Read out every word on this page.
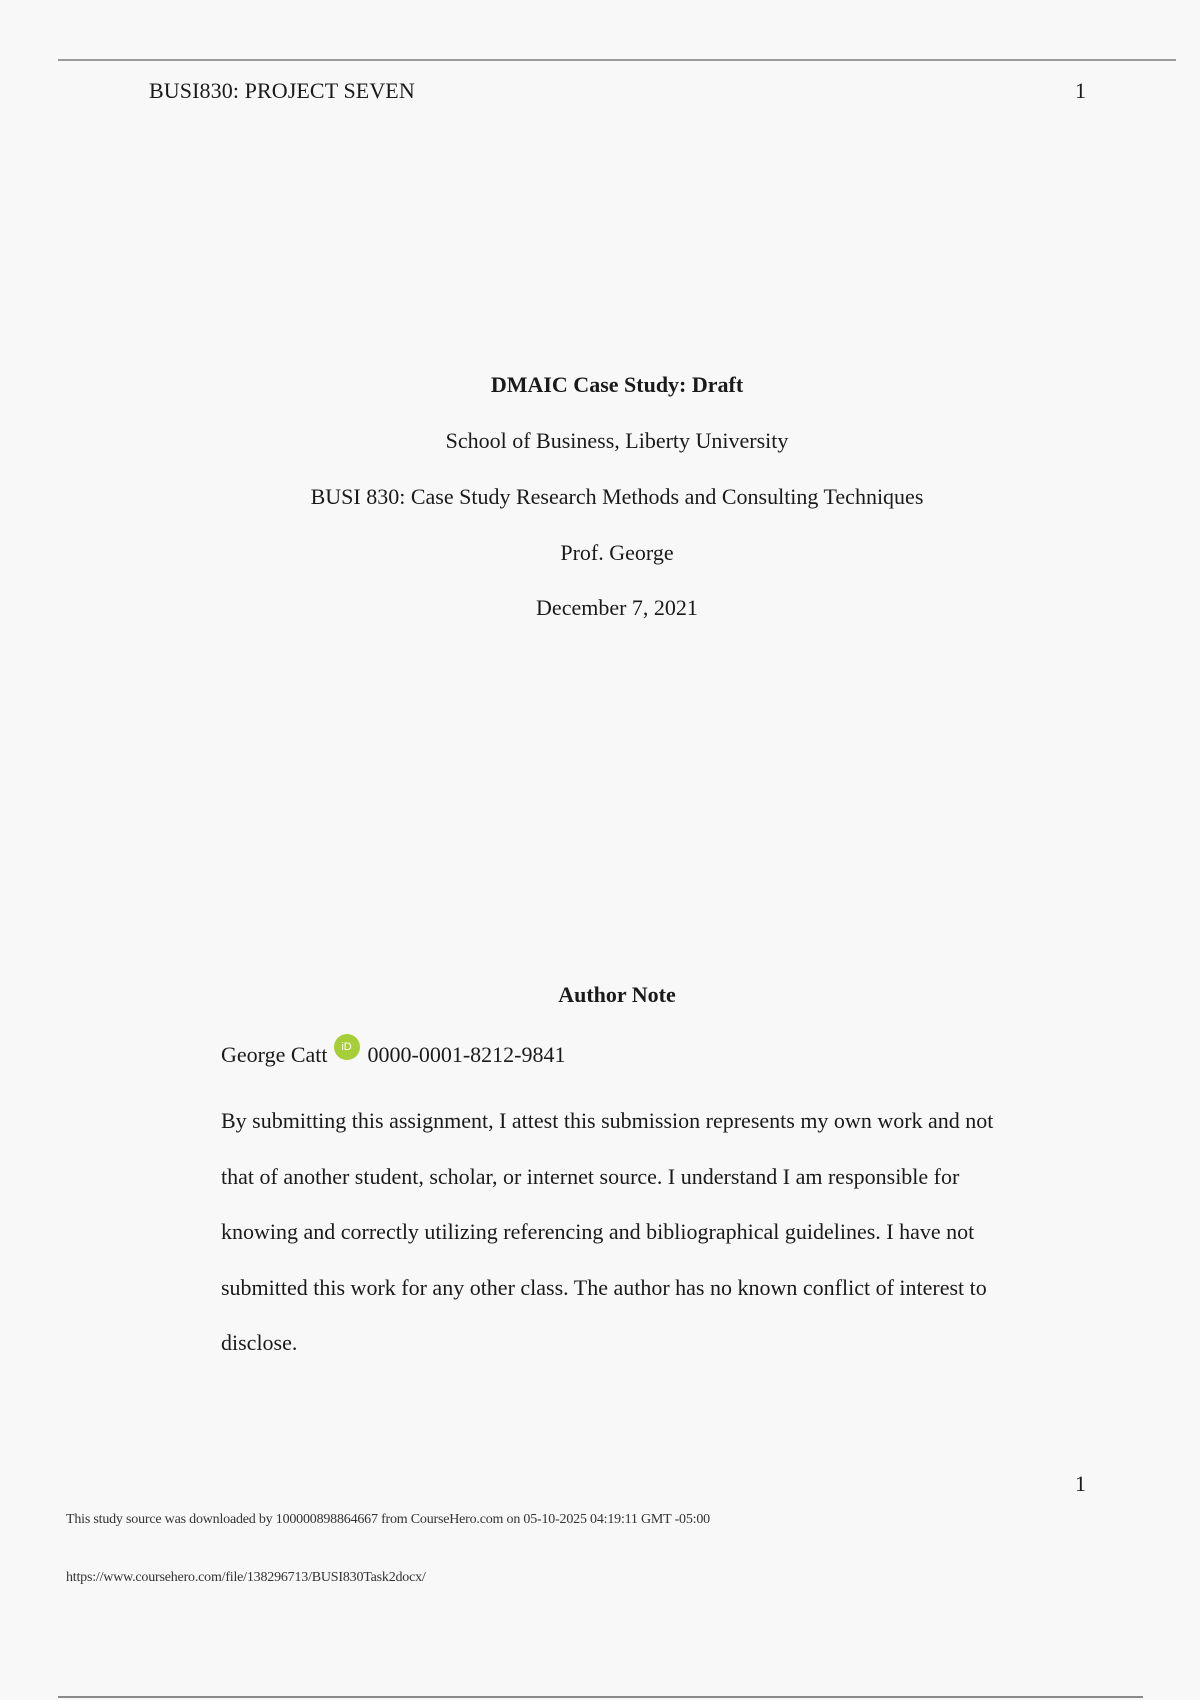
BUSI830: PROJECT SEVEN	1
DMAIC Case Study: Draft
School of Business, Liberty University
BUSI 830: Case Study Research Methods and Consulting Techniques
Prof. George
December 7, 2021
Author Note
George Catt	iD 0000-0001-8212-9841
By submitting this assignment, I attest this submission represents my own work and not
that of another student, scholar, or internet source. I understand I am responsible for
knowing and correctly utilizing referencing and bibliographical guidelines. I have not
submitted this work for any other class. The author has no known conflict of interest to
disclose.
1
This study source was downloaded by 100000898864667 from CourseHero.com on 05-10-2025 04:19:11 GMT -05:00
https://www.coursehero.com/file/138296713/BUSI830Task2docx/
